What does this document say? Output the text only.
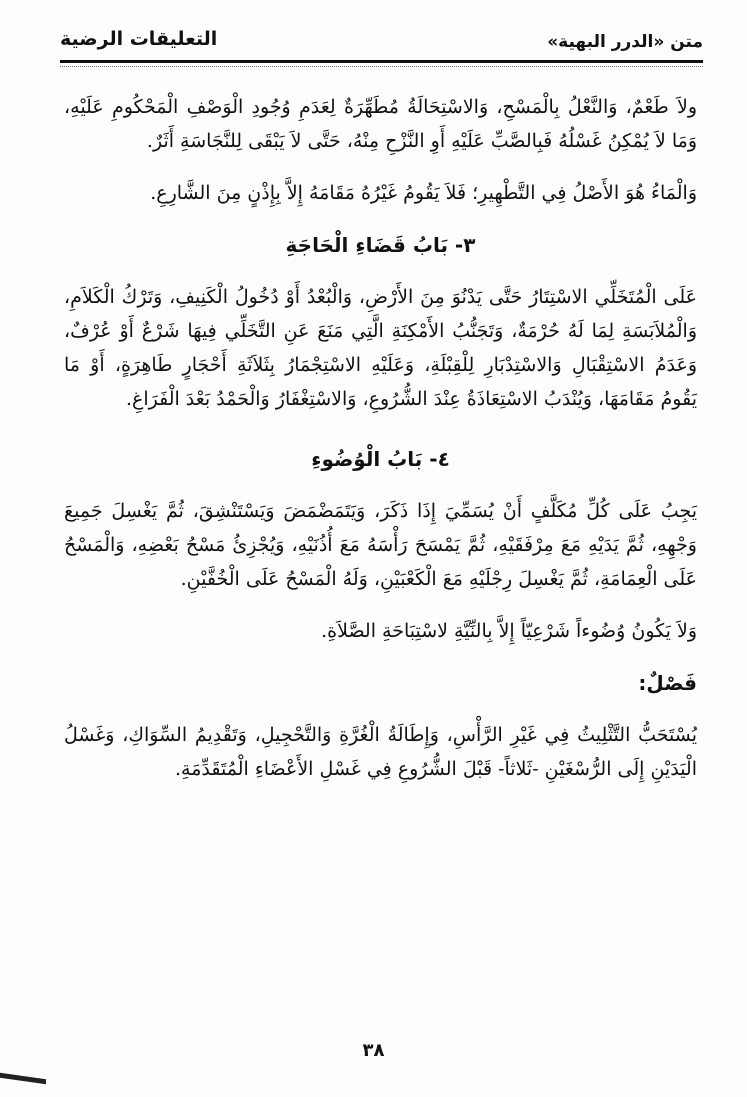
متن «الدرر البهية»
التعليقات الرضية

ولاَ طَعْمٌ، وَالنَّعْلُ بِالْمَسْحِ، وَالاسْتِحَالَةُ مُطَهِّرَةٌ لِعَدَمِ وُجُودِ الْوَصْفِ الْمَحْكُومِ عَلَيْهِ، وَمَا لاَ يُمْكِنُ غَسْلُهُ فَبِالصَّبِّ عَلَيْهِ أَوِ النَّزْحِ مِنْهُ، حَتَّى لاَ يَبْقَى لِلنَّجَاسَةِ أَثَرٌ.

وَالْمَاءُ هُوَ الأَصْلُ فِي التَّطْهِيرِ؛ فَلاَ يَقُومُ غَيْرُهُ مَقَامَهُ إِلاَّ بِإِذْنٍ مِنَ الشَّارِعِ.

٣- بَابُ قَضَاءِ الْحَاجَةِ

عَلَى الْمُتَخَلِّي الاسْتِتَارُ حَتَّى يَدْنُوَ مِنَ الأَرْضِ، وَالْبُعْدُ أَوْ دُخُولُ الْكَنِيفِ، وَتَرْكُ الْكَلاَمِ، وَالْمُلاَبَسَةِ لِمَا لَهُ حُرْمَةٌ، وَتَجَنُّبُ الأَمْكِنَةِ الَّتِي مَنَعَ عَنِ التَّخَلِّي فِيهَا شَرْعٌ أَوْ عُرْفٌ، وَعَدَمُ الاسْتِقْبَالِ وَالاسْتِدْبَارِ لِلْقِبْلَةِ، وَعَلَيْهِ الاسْتِجْمَارُ بِثَلاَثَةِ أَحْجَارٍ طَاهِرَةٍ، أَوْ مَا يَقُومُ مَقَامَهَا، وَيُنْدَبُ الاسْتِعَاذَةُ عِنْدَ الشُّرُوعِ، وَالاسْتِغْفَارُ وَالْحَمْدُ بَعْدَ الْفَرَاغِ.

٤- بَابُ الْوُضُوءِ

يَجِبُ عَلَى كُلِّ مُكَلَّفٍ أَنْ يُسَمِّيَ إِذَا ذَكَرَ، وَيَتَمَضْمَضَ وَيَسْتَنْشِقَ، ثُمَّ يَغْسِلَ جَمِيعَ وَجْهِهِ، ثُمَّ يَدَيْهِ مَعَ مِرْفَقَيْهِ، ثُمَّ يَمْسَحَ رَأْسَهُ مَعَ أُذُنَيْهِ، وَيُجْزِئُ مَسْحُ بَعْضِهِ، وَالْمَسْحُ عَلَى الْعِمَامَةِ، ثُمَّ يَغْسِلَ رِجْلَيْهِ مَعَ الْكَعْبَيْنِ، وَلَهُ الْمَسْحُ عَلَى الْخُفَّيْنِ.

وَلاَ يَكُونُ وُضُوءاً شَرْعِيّاً إِلاَّ بِالنِّيَّةِ لاسْتِبَاحَةِ الصَّلاَةِ.

فَصْلٌ:

يُسْتَحَبُّ التَّثْلِيثُ فِي غَيْرِ الرَّأْسِ، وَإِطَالَةُ الْغُرَّةِ وَالتَّحْجِيلِ، وَتَقْدِيمُ السِّوَاكِ، وَغَسْلُ الْيَدَيْنِ إِلَى الرُّسْغَيْنِ -ثَلاثاً- قَبْلَ الشُّرُوعِ فِي غَسْلِ الأَعْضَاءِ الْمُتَقَدِّمَةِ.

٣٨
